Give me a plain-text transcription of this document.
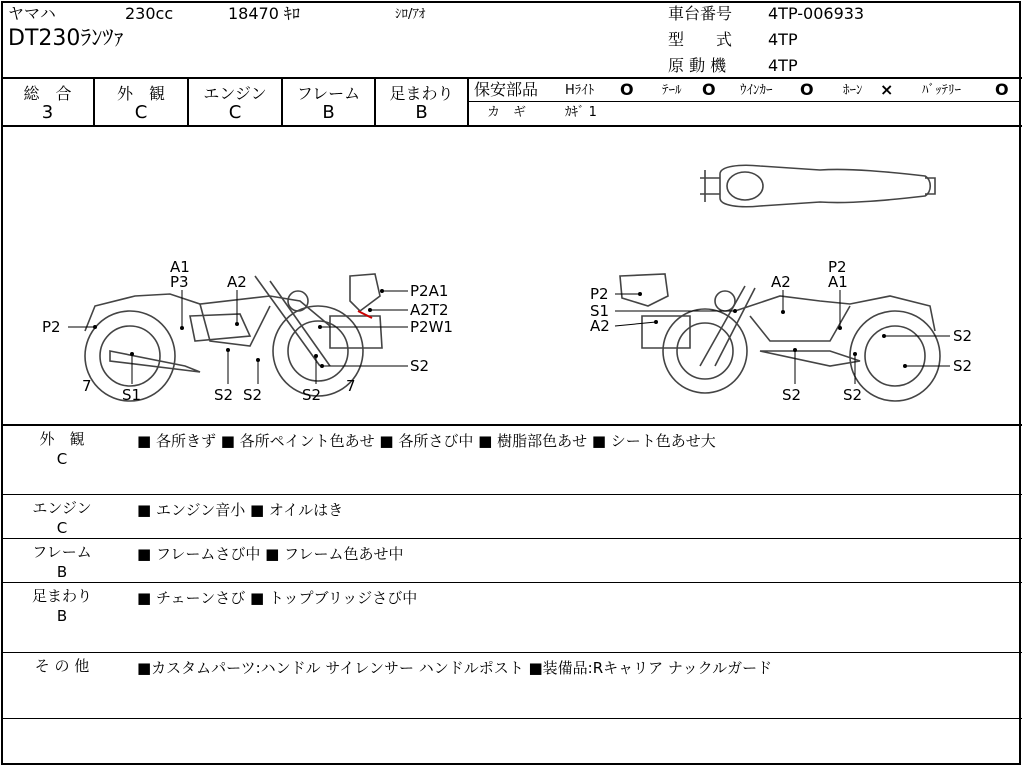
ヤマハ	230cc	18470 ｷﾛ	ｼﾛ/ｱｵ
DT230ﾗﾝﾂｧ
車台番号 4TP-006933
型　　式 4TP
原 動 機	4TP
総　合
3
外　観
C
エンジン
C
フレーム
B
足まわり
B
保安部品 Hﾗｲﾄ O ﾃｰﾙ O ｳｲﾝｶｰ O ﾎｰﾝ × ﾊﾞｯﾃﾘｰ O
カ　ギ	ｶｷﾞ 1
A1
P3	A2	P2A1
A2T2
P2W1
P2
S2
7	7
S1	S2 S2	S2
P2
A1
P2
S1
A2
A2
S2
S2
S2	S2
外　観
C
■ 各所きず ■ 各所ペイント色あせ ■ 各所さび中 ■ 樹脂部色あせ ■ シート色あせ大
エンジン
C
■ エンジン音小 ■ オイルはき
フレーム
B
■ フレームさび中 ■ フレーム色あせ中
足まわり
B
■ チェーンさび ■ トップブリッジさび中
そ の 他	■カスタムパーツ:ハンドル サイレンサー ハンドルポスト ■装備品:Rキャリア ナックルガード
